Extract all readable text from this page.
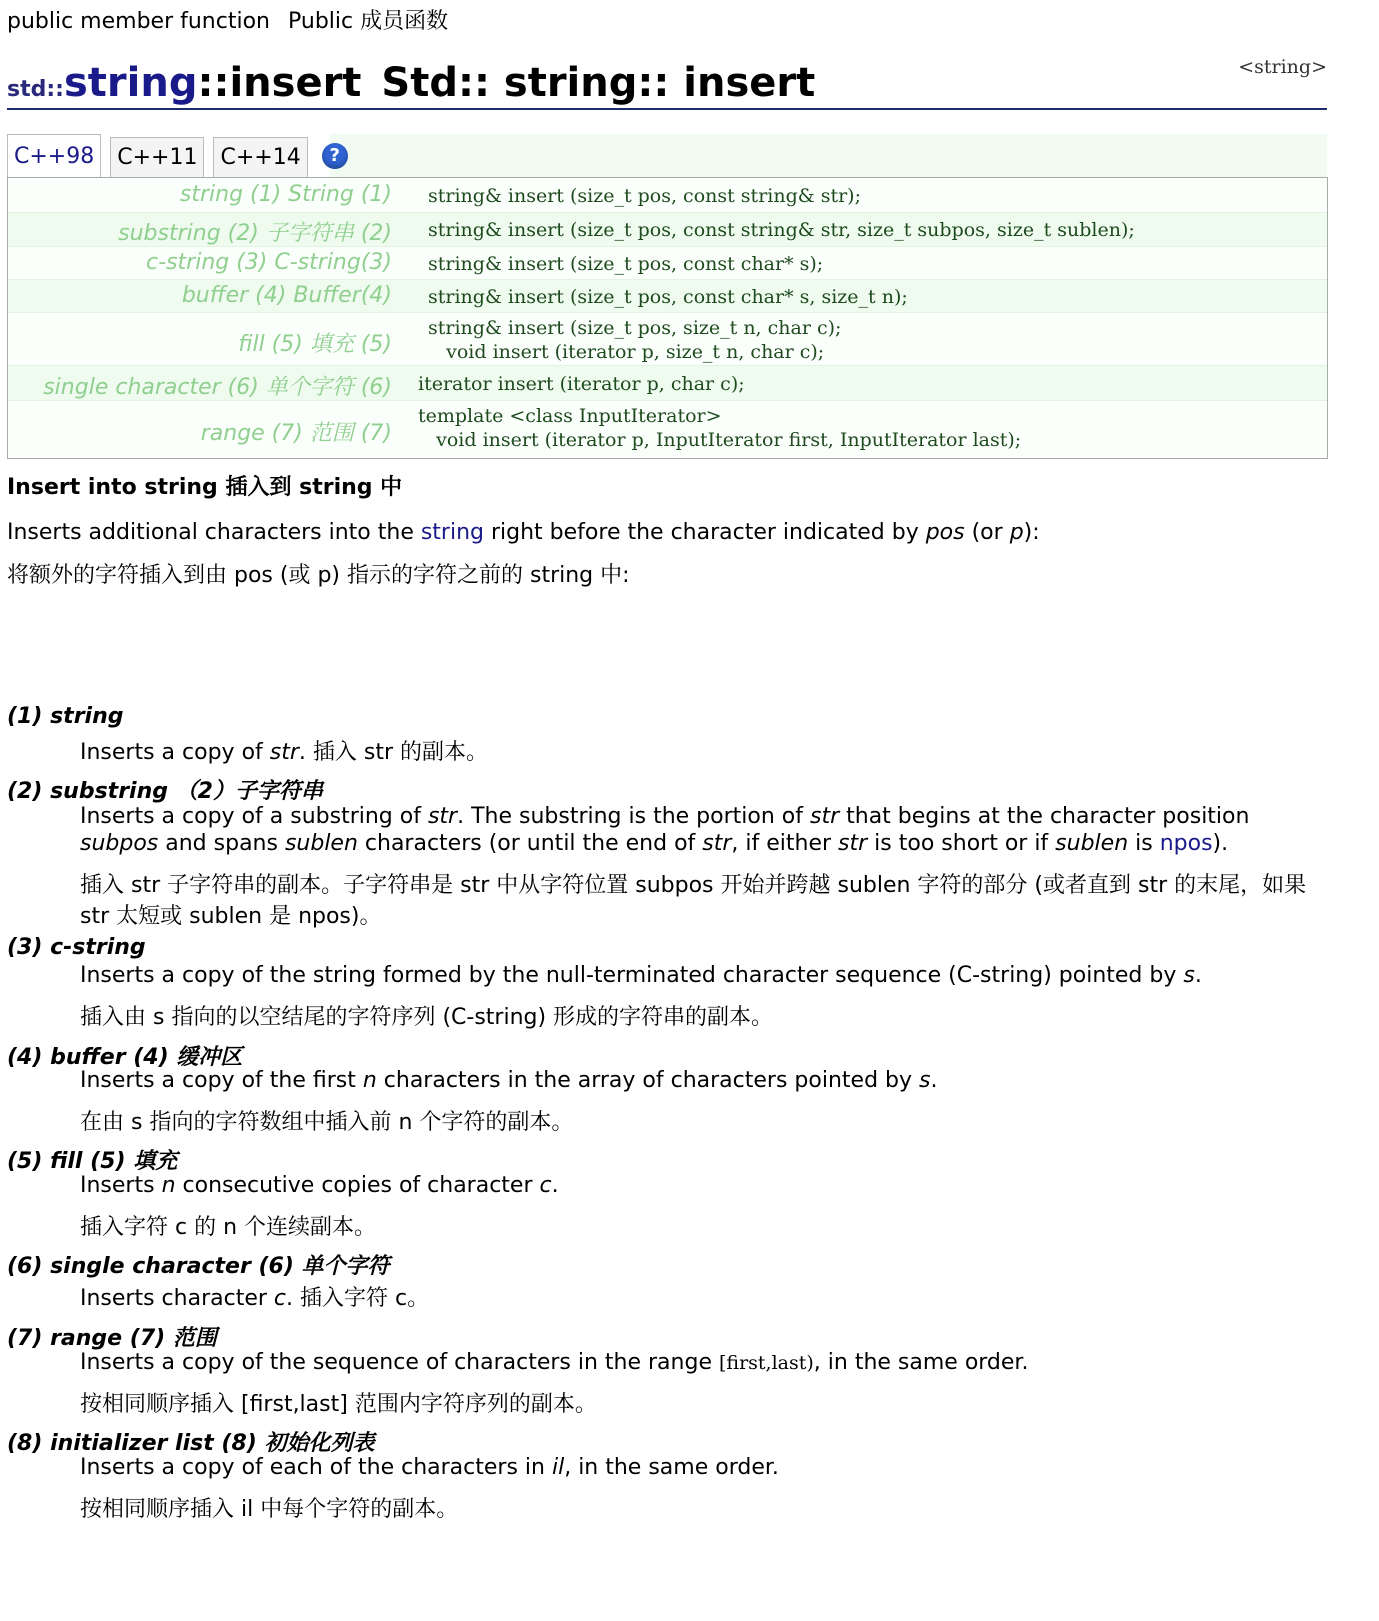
public member function Public 成员函数
<string>
std::string::insert Std:: string:: insert
C++98	C++11	C++14	?
string (1) String (1) string& insert (size_t pos, const string& str);
substring (2) 子字符串 (2) string& insert (size_t pos, const string& str, size_t subpos, size_t sublen);
c-string (3) C-string(3) string& insert (size_t pos, const char* s);
buffer (4) Buffer(4) string& insert (size_t pos, const char* s, size_t n);
fill (5) 填充 (5)
string& insert (size_t pos, size_t n, char c);
void insert (iterator p, size_t n, char c);
single character (6) 单个字符 (6) iterator insert (iterator p, char c);
range (7) 范围 (7)
template <class InputIterator>
void insert (iterator p, InputIterator first, InputIterator last);
Insert into string 插入到 string 中
Inserts additional characters into the string right before the character indicated by pos (or p):
将额外的字符插入到由 pos (或 p) 指示的字符之前的 string 中:
(1) string
Inserts a copy of str. 插入 str 的副本。
(2) substring （2）子字符串
Inserts a copy of a substring of str. The substring is the portion of str that begins at the character position
subpos and spans sublen characters (or until the end of str, if either str is too short or if sublen is npos).
插入 str 子字符串的副本。子字符串是 str 中从字符位置 subpos 开始并跨越 sublen 字符的部分 (或者直到 str 的末尾，如果
str 太短或 sublen 是 npos)。
(3) c-string
Inserts a copy of the string formed by the null-terminated character sequence (C-string) pointed by s.
插入由 s 指向的以空结尾的字符序列 (C-string) 形成的字符串的副本。
(4) buffer (4) 缓冲区
Inserts a copy of the first n characters in the array of characters pointed by s.
在由 s 指向的字符数组中插入前 n 个字符的副本。
(5) fill (5) 填充
Inserts n consecutive copies of character c.
插入字符 c 的 n 个连续副本。
(6) single character (6) 单个字符
Inserts character c. 插入字符 c。
(7) range (7) 范围
Inserts a copy of the sequence of characters in the range [first,last), in the same order.
按相同顺序插入 [first,last] 范围内字符序列的副本。
(8) initializer list (8) 初始化列表
Inserts a copy of each of the characters in il, in the same order.
按相同顺序插入 il 中每个字符的副本。
